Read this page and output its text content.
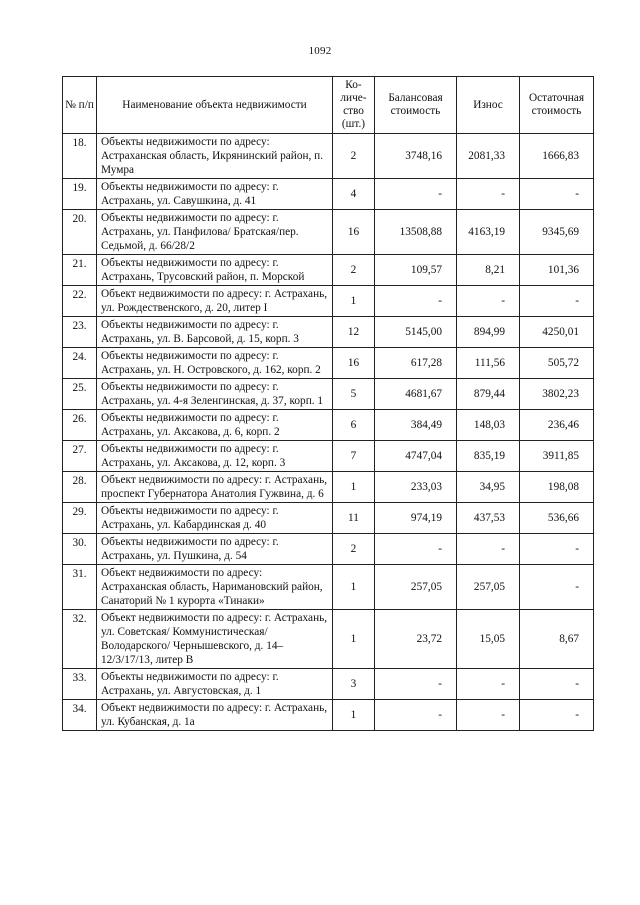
1092
№ п/п	Наименование объекта недвижимости	Ко-личе-ство (шт.)	Балансовая стоимость	Износ	Остаточная стоимость
18.	Объекты недвижимости по адресу: Астраханская область, Икрянинский район, п. Мумра	2	3748,16	2081,33	1666,83
19.	Объекты недвижимости по адресу: г. Астрахань, ул. Савушкина, д. 41	4	-	-	-
20.	Объекты недвижимости по адресу: г. Астрахань, ул. Панфилова/ Братская/пер. Седьмой, д. 66/28/2	16	13508,88	4163,19	9345,69
21.	Объекты недвижимости по адресу: г. Астрахань, Трусовский район, п. Морской	2	109,57	8,21	101,36
22.	Объект недвижимости по адресу: г. Астрахань, ул. Рождественского, д. 20, литер I	1	-	-	-
23.	Объекты недвижимости по адресу: г. Астрахань, ул. В. Барсовой, д. 15, корп. 3	12	5145,00	894,99	4250,01
24.	Объекты недвижимости по адресу: г. Астрахань, ул. Н. Островского, д. 162, корп. 2	16	617,28	111,56	505,72
25.	Объекты недвижимости по адресу: г. Астрахань, ул. 4-я Зеленгинская, д. 37, корп. 1	5	4681,67	879,44	3802,23
26.	Объекты недвижимости по адресу: г. Астрахань, ул. Аксакова, д. 6, корп. 2	6	384,49	148,03	236,46
27.	Объекты недвижимости по адресу: г. Астрахань, ул. Аксакова, д. 12, корп. 3	7	4747,04	835,19	3911,85
28.	Объект недвижимости по адресу: г. Астрахань, проспект Губернатора Анатолия Гужвина, д. 6	1	233,03	34,95	198,08
29.	Объекты недвижимости по адресу: г. Астрахань, ул. Кабардинская д. 40	11	974,19	437,53	536,66
30.	Объекты недвижимости по адресу: г. Астрахань, ул. Пушкина, д. 54	2	-	-	-
31.	Объект недвижимости по адресу: Астраханская область, Наримановский район, Санаторий № 1 курорта «Тинаки»	1	257,05	257,05	-
32.	Объект недвижимости по адресу: г. Астрахань, ул. Советская/ Коммунистическая/Володарского/ Чернышевского, д. 14–12/3/17/13, литер В	1	23,72	15,05	8,67
33.	Объекты недвижимости по адресу: г. Астрахань, ул. Августовская, д. 1	3	-	-	-
34.	Объект недвижимости по адресу: г. Астрахань, ул. Кубанская, д. 1а	1	-	-	-
